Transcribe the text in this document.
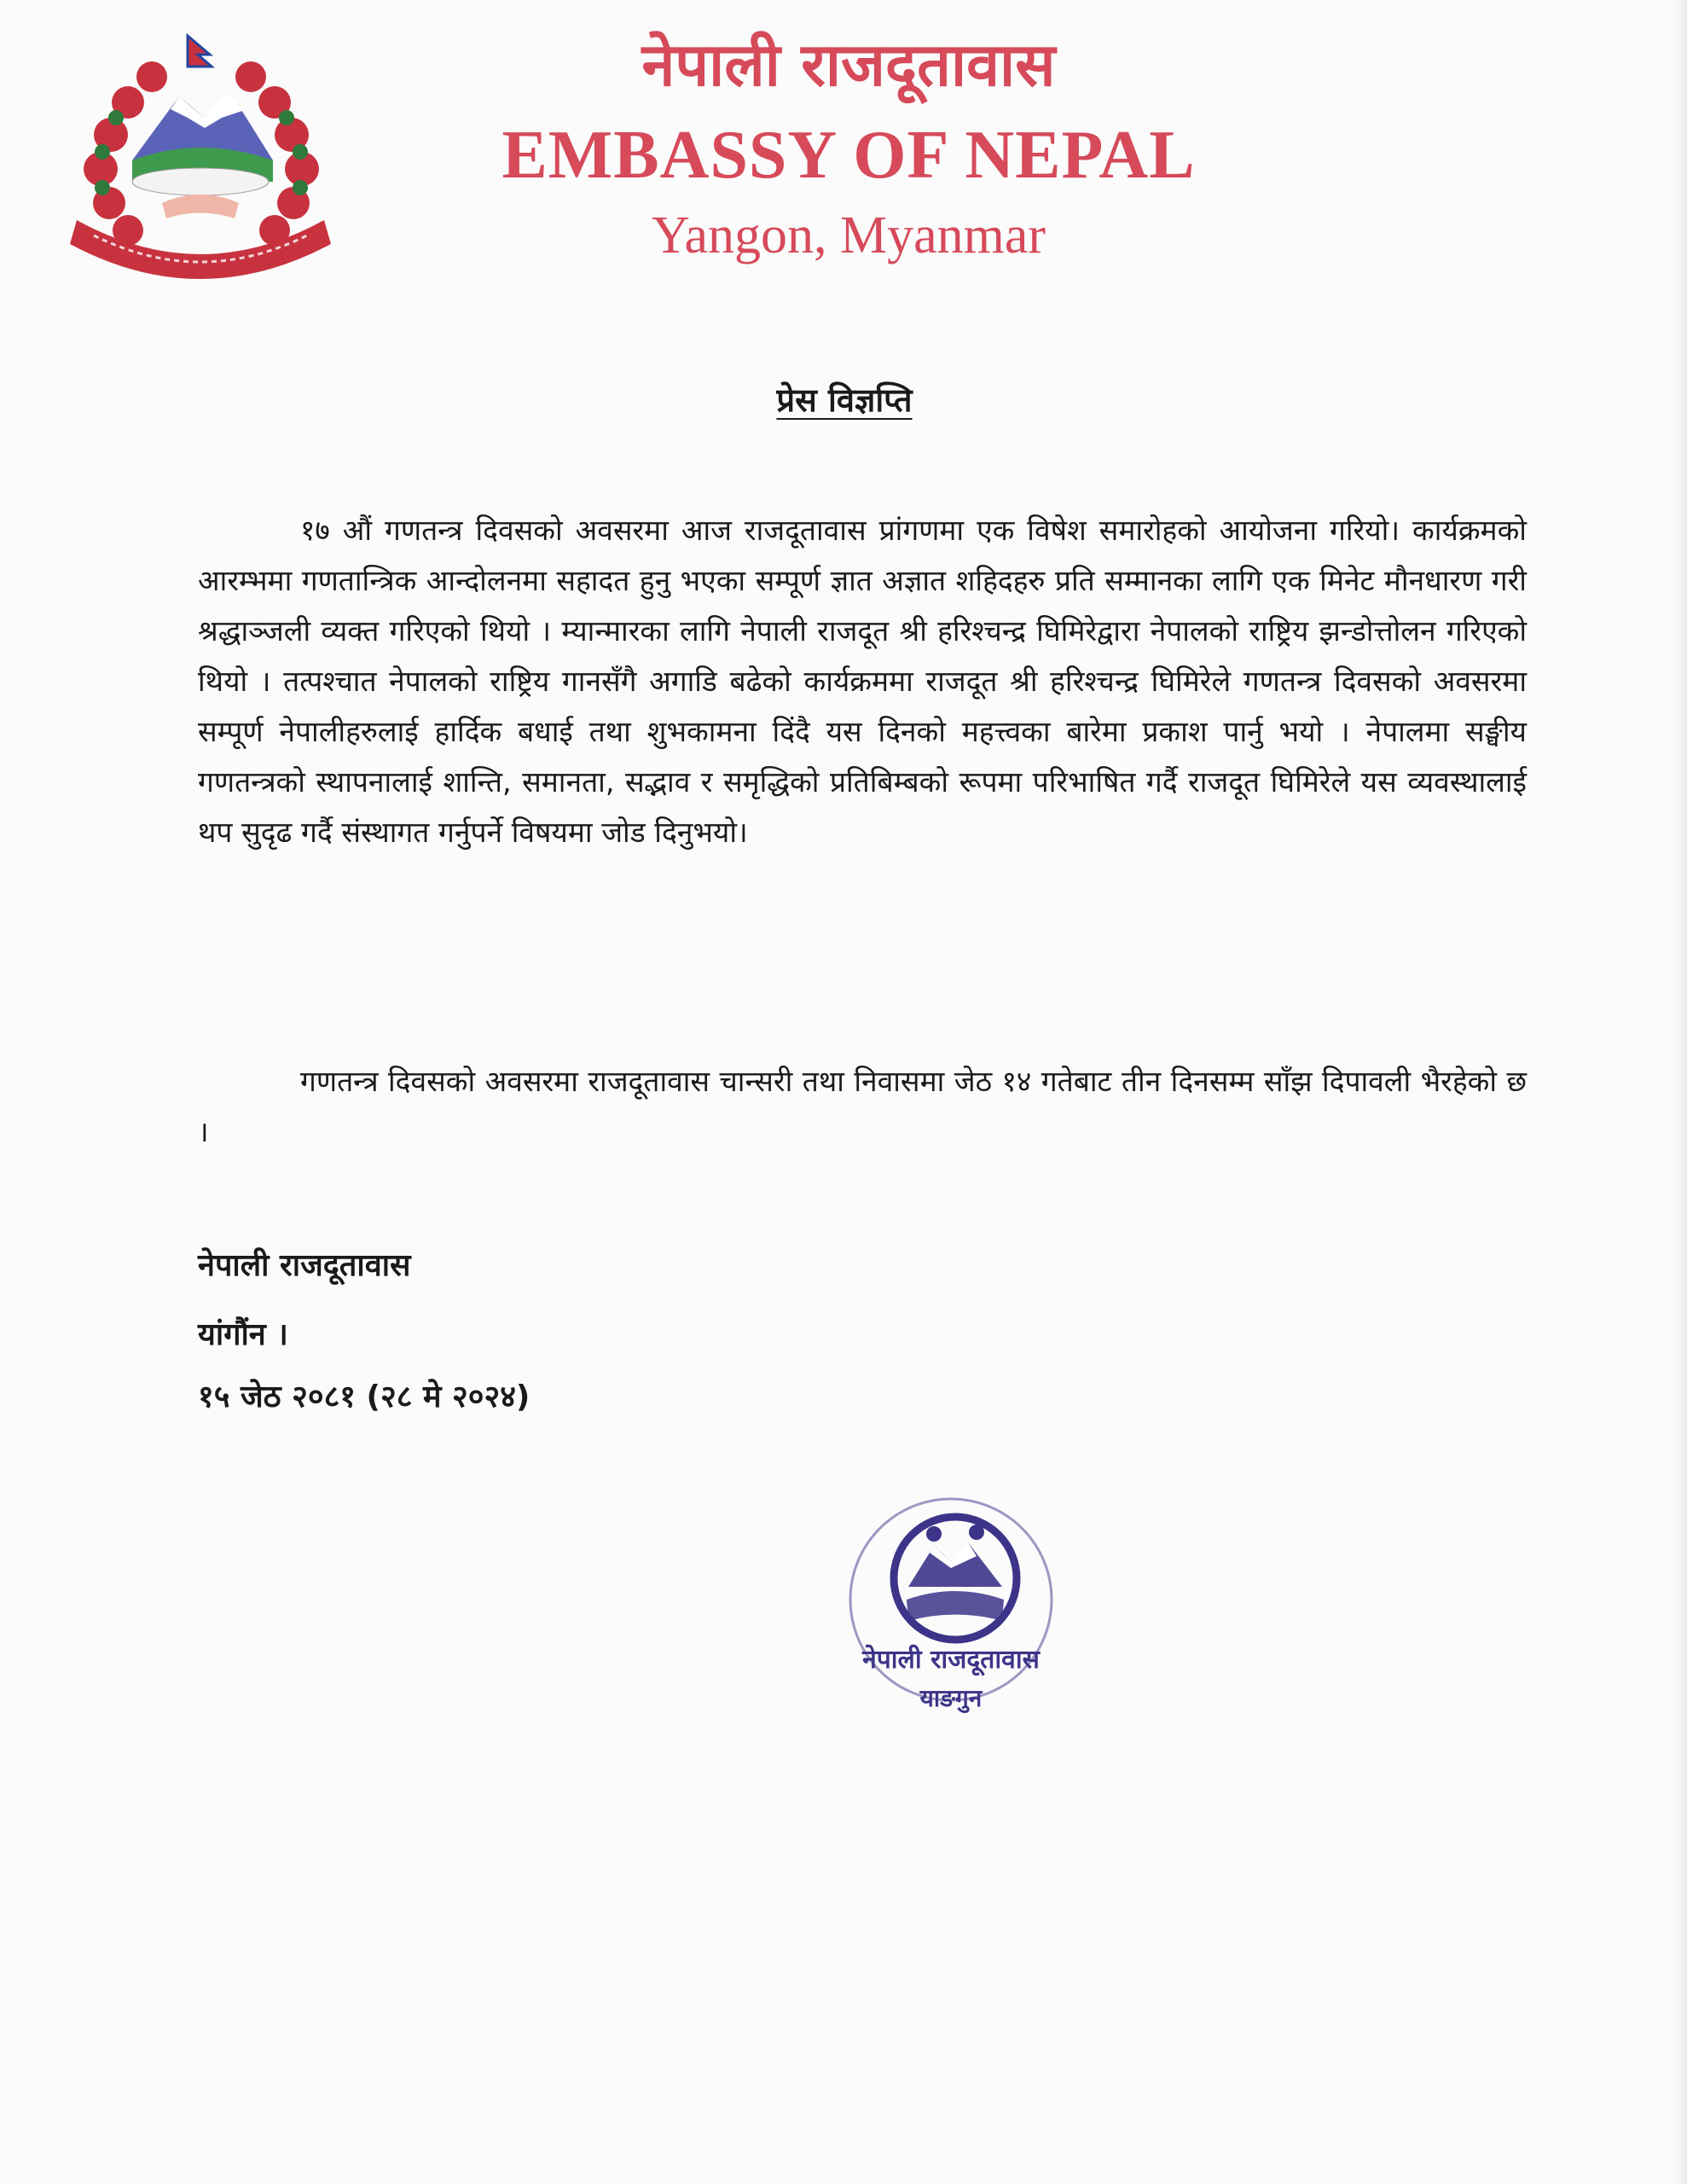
नेपाली राजदूतावास
EMBASSY OF NEPAL
Yangon, Myanmar
प्रेस विज्ञप्ति

१७ औं गणतन्त्र दिवसको अवसरमा आज राजदूतावास प्रांगणमा एक विषेश समारोहको आयोजना गरियो। कार्यक्रमको आरम्भमा गणतान्त्रिक आन्दोलनमा सहादत हुनु भएका सम्पूर्ण ज्ञात अज्ञात शहिदहरु प्रति सम्मानका लागि एक मिनेट मौनधारण गरी श्रद्धाञ्जली व्यक्त गरिएको थियो । म्यान्मारका लागि नेपाली राजदूत श्री हरिश्चन्द्र घिमिरेद्वारा नेपालको राष्ट्रिय झन्डोत्तोलन गरिएको थियो । तत्पश्चात नेपालको राष्ट्रिय गानसँगै अगाडि बढेको कार्यक्रममा राजदूत श्री हरिश्चन्द्र घिमिरेले गणतन्त्र दिवसको अवसरमा सम्पूर्ण नेपालीहरुलाई हार्दिक बधाई तथा शुभकामना दिंदै यस दिनको महत्त्वका बारेमा प्रकाश पार्नु भयो । नेपालमा सङ्घीय गणतन्त्रको स्थापनालाई शान्ति, समानता, सद्भाव र समृद्धिको प्रतिबिम्बको रूपमा परिभाषित गर्दै राजदूत घिमिरेले यस व्यवस्थालाई थप सुदृढ गर्दै संस्थागत गर्नुपर्ने विषयमा जोड दिनुभयो।

गणतन्त्र दिवसको अवसरमा राजदूतावास चान्सरी तथा निवासमा जेठ १४ गतेबाट तीन दिनसम्म साँझ दिपावली भैरहेको छ ।

नेपाली राजदूतावास
यांगौंन ।
१५ जेठ २०८१ (२८ मे २०२४)
नेपाली राजदूतावास
याङगुन
